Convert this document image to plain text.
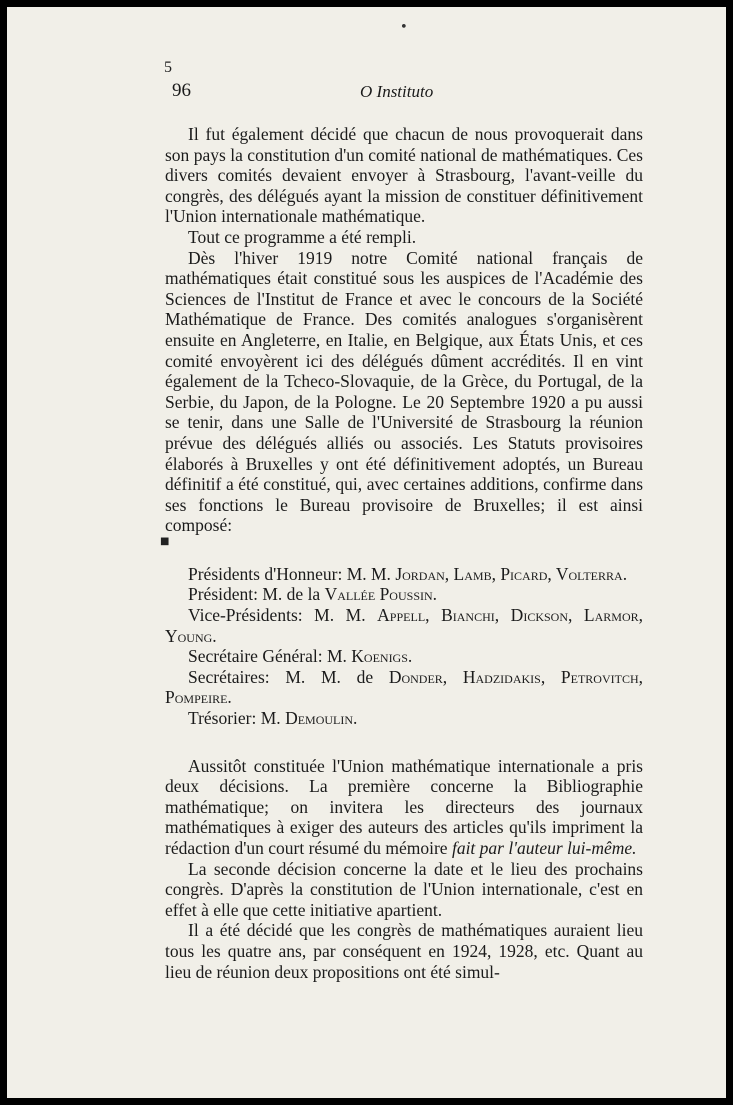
•
5
96	O Instituto

Il fut également décidé que chacun de nous provoquerait dans son pays la constitution d'un comité national de mathématiques. Ces divers comités devaient envoyer à Strasbourg, l'avant-veille du congrès, des délégués ayant la mission de constituer définitivement l'Union internationale mathématique.

Tout ce programme a été rempli.

Dès l'hiver 1919 notre Comité national français de mathématiques était constitué sous les auspices de l'Académie des Sciences de l'Institut de France et avec le concours de la Société Mathématique de France. Des comités analogues s'organisèrent ensuite en Angleterre, en Italie, en Belgique, aux États Unis, et ces comité envoyèrent ici des délégués dûment accrédités. Il en vint également de la Tcheco-Slovaquie, de la Grèce, du Portugal, de la Serbie, du Japon, de la Pologne. Le 20 Septembre 1920 a pu aussi se tenir, dans une Salle de l'Université de Strasbourg la réunion prévue des délégués alliés ou associés. Les Statuts provisoires élaborés à Bruxelles y ont été définitivement adoptés, un Bureau définitif a été constitué, qui, avec certaines additions, confirme dans ses fonctions le Bureau provisoire de Bruxelles; il est ainsi composé:

Présidents d'Honneur: M. M. Jordan, Lamb, Picard, Volterra.

Président: M. de la Vallée Poussin.

Vice-Présidents: M. M. Appell, Bianchi, Dickson, Larmor, Young.

Secrétaire Général: M. Koenigs.

Secrétaires: M. M. de Donder, Hadzidakis, Petrovitch, Pompeire.

Trésorier: M. Demoulin.

Aussitôt constituée l'Union mathématique internationale a pris deux décisions. La première concerne la Bibliographie mathématique; on invitera les directeurs des journaux mathématiques à exiger des auteurs des articles qu'ils impriment la rédaction d'un court résumé du mémoire fait par l'auteur lui-même.

La seconde décision concerne la date et le lieu des prochains congrès. D'après la constitution de l'Union internationale, c'est en effet à elle que cette initiative apartient.

Il a été décidé que les congrès de mathématiques auraient lieu tous les quatre ans, par conséquent en 1924, 1928, etc. Quant au lieu de réunion deux propositions ont été simul-

■
